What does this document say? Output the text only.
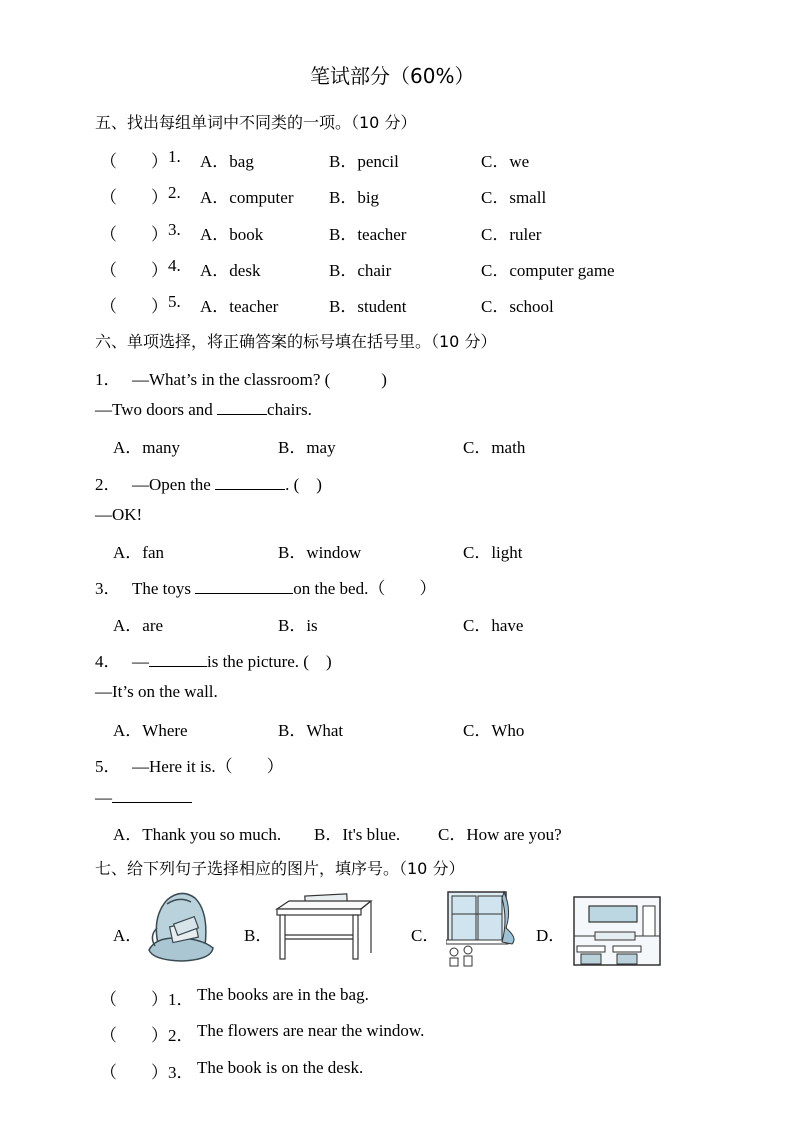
笔试部分（60%）
五、找出每组单词中不同类的一项。（10 分）
（　　） 1. A．bag	B．pencil	C．we
（　　） 2. A．computer B．big	C．small
（　　） 3. A．book	B．teacher	C．ruler
（　　） 4. A．desk	B．chair	C．computer game
（　　） 5. A．teacher	B．student	C．school
六、单项选择，将正确答案的标号填在括号里。（10 分）
1． —What’s in the classroom? (　　　)
—Two doors and	chairs.
A．many	B．may	C．math
2． —Open the	. (　)
—OK!
A．fan	B．window	C．light
3． The toys	on the bed.（　　）
A．are	B．is	C．have
4． —	is the picture. (　)
—It’s on the wall.
A．Where	B．What	C．Who
5． —Here it is.（　　）
—
A．Thank you so much. B．It's blue. C．How are you?
七、给下列句子选择相应的图片，填序号。（10 分）
A．	B．	C．	D．
（　　） 1． The books are in the bag.
（　　） 2． The flowers are near the window.
（　　） 3． The book is on the desk.
